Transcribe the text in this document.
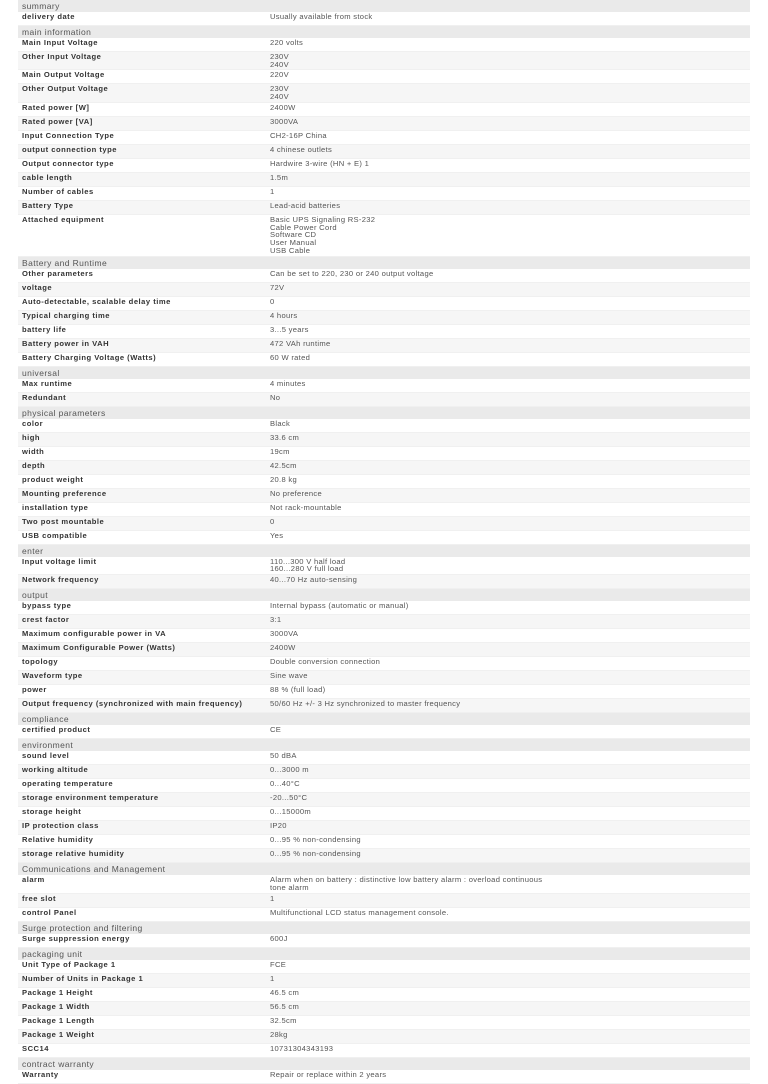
summary
delivery date	Usually available from stock
main information
Main Input Voltage	220 volts
Other Input Voltage	230V
240V
Main Output Voltage	220V
Other Output Voltage	230V
240V
Rated power [W]	2400W
Rated power [VA]	3000VA
Input Connection Type	CH2-16P China
output connection type	4 chinese outlets
Output connector type	Hardwire 3-wire (HN + E) 1
cable length	1.5m
Number of cables	1
Battery Type	Lead-acid batteries
Attached equipment	Basic UPS Signaling RS-232
Cable Power Cord
Software CD
User Manual
USB Cable
Battery and Runtime
Other parameters	Can be set to 220, 230 or 240 output voltage
voltage	72V
Auto-detectable, scalable delay time	0
Typical charging time	4 hours
battery life	3...5 years
Battery power in VAH	472 VAh runtime
Battery Charging Voltage (Watts)	60 W rated
universal
Max runtime	4 minutes
Redundant	No
physical parameters
color	Black
high	33.6 cm
width	19cm
depth	42.5cm
product weight	20.8 kg
Mounting preference	No preference
installation type	Not rack-mountable
Two post mountable	0
USB compatible	Yes
enter
Input voltage limit	110...300 V half load
160...280 V full load
Network frequency	40...70 Hz auto-sensing
output
bypass type	Internal bypass (automatic or manual)
crest factor	3:1
Maximum configurable power in VA	3000VA
Maximum Configurable Power (Watts)	2400W
topology	Double conversion connection
Waveform type	Sine wave
power	88 % (full load)
Output frequency (synchronized with main frequency)	50/60 Hz +/- 3 Hz synchronized to master frequency
compliance
certified product	CE
environment
sound level	50 dBA
working altitude	0...3000 m
operating temperature	0...40°C
storage environment temperature	-20...50°C
storage height	0...15000m
IP protection class	IP20
Relative humidity	0...95 % non-condensing
storage relative humidity	0...95 % non-condensing
Communications and Management
alarm	Alarm when on battery : distinctive low battery alarm : overload continuous
tone alarm
free slot	1
control Panel	Multifunctional LCD status management console.
Surge protection and filtering
Surge suppression energy	600J
packaging unit
Unit Type of Package 1	FCE
Number of Units in Package 1	1
Package 1 Height	46.5 cm
Package 1 Width	56.5 cm
Package 1 Length	32.5cm
Package 1 Weight	28kg
SCC14	10731304343193
contract warranty
Warranty	Repair or replace within 2 years
